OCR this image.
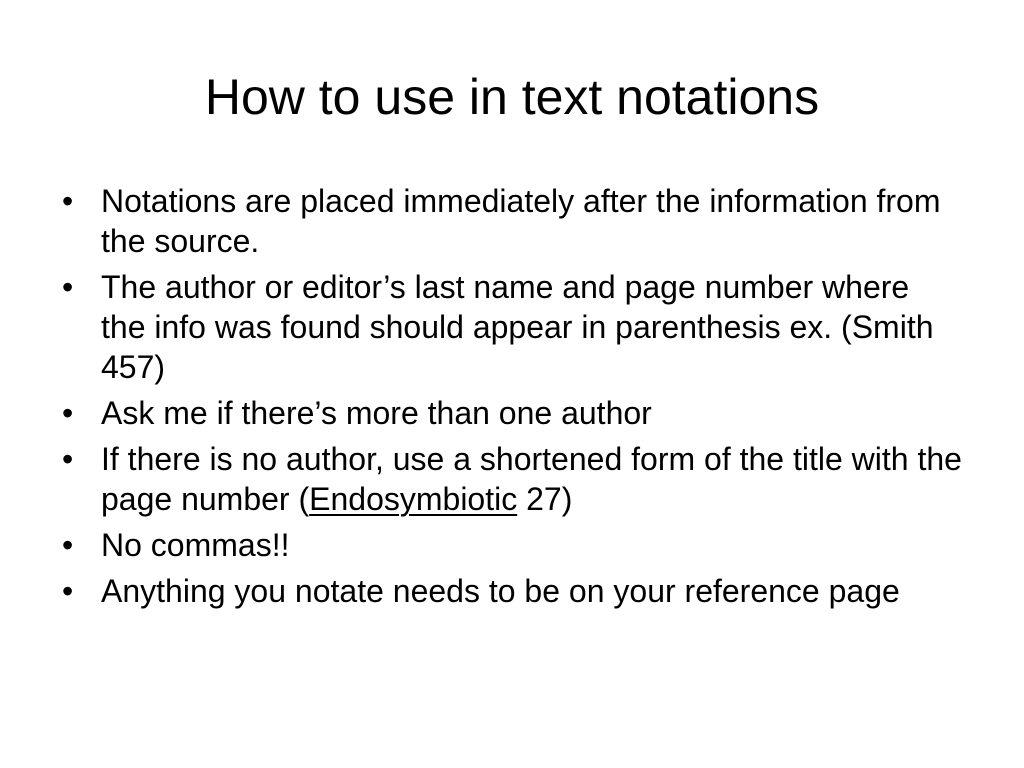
How to use in text notations
• Notations are placed immediately after the information from the source.
• The author or editor’s last name and page number where the info was found should appear in parenthesis ex. (Smith 457)
• Ask me if there’s more than one author
• If there is no author, use a shortened form of the title with the page number (Endosymbiotic 27)
• No commas!!
• Anything you notate needs to be on your reference page
